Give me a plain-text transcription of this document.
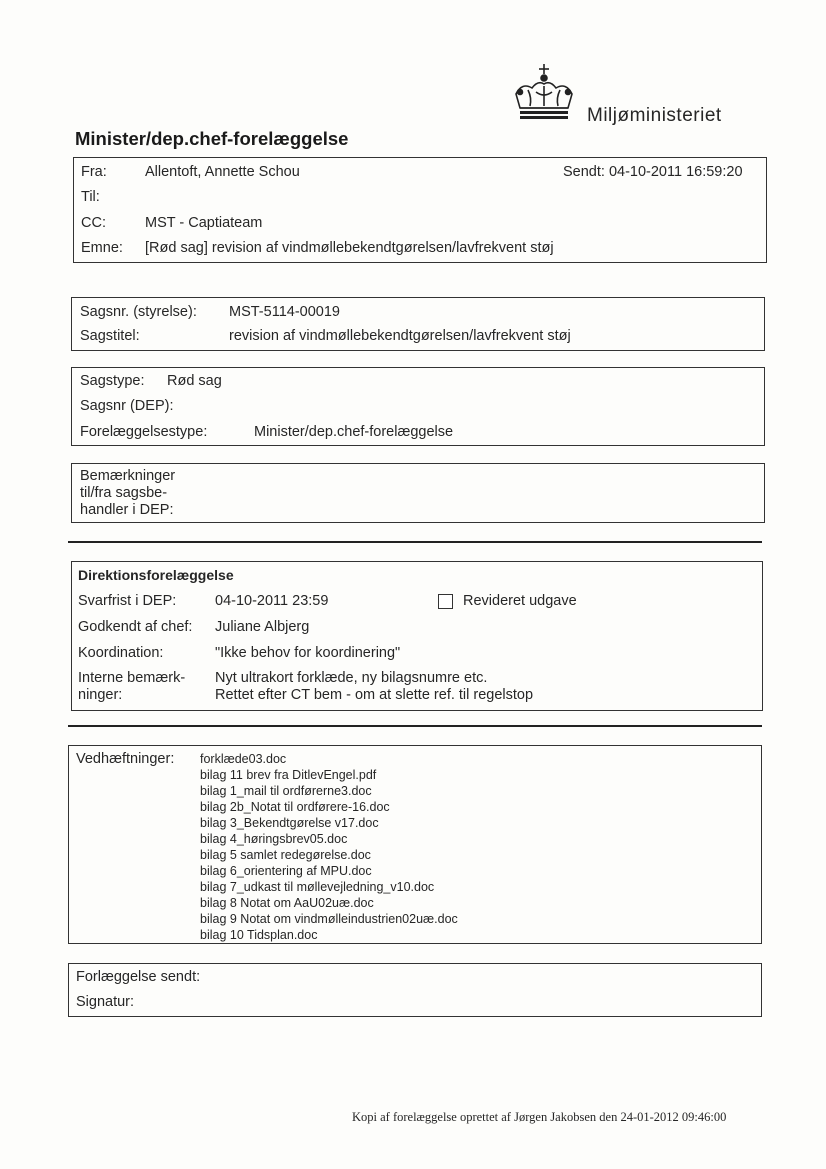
Miljøministeriet
Minister/dep.chef-forelæggelse
Fra:	Allentoft, Annette Schou	Sendt: 04-10-2011 16:59:20
Til:
CC:	MST - Captiateam
Emne: [Rød sag] revision af vindmøllebekendtgørelsen/lavfrekvent støj
Sagsnr. (styrelse): MST-5114-00019
Sagstitel:	revision af vindmøllebekendtgørelsen/lavfrekvent støj
Sagstype: Rød sag
Sagsnr (DEP):
Forelæggelsestype:	Minister/dep.chef-forelæggelse
Bemærkninger
til/fra sagsbe-
handler i DEP:
Direktionsforelæggelse
Svarfrist i DEP:	04-10-2011 23:59	Revideret udgave
Godkendt af chef: Juliane Albjerg
Koordination:	"Ikke behov for koordinering"
Interne bemærk-
ninger:
Nyt ultrakort forklæde, ny bilagsnumre etc.
Rettet efter CT bem - om at slette ref. til regelstop
Vedhæftninger: forklæde03.doc
bilag 11 brev fra DitlevEngel.pdf
bilag 1_mail til ordførerne3.doc
bilag 2b_Notat til ordførere-16.doc
bilag 3_Bekendtgørelse v17.doc
bilag 4_høringsbrev05.doc
bilag 5 samlet redegørelse.doc
bilag 6_orientering af MPU.doc
bilag 7_udkast til møllevejledning_v10.doc
bilag 8 Notat om AaU02uæ.doc
bilag 9 Notat om vindmølleindustrien02uæ.doc
bilag 10 Tidsplan.doc
Forlæggelse sendt:
Signatur:
Kopi af forelæggelse oprettet af Jørgen Jakobsen den 24-01-2012 09:46:00
